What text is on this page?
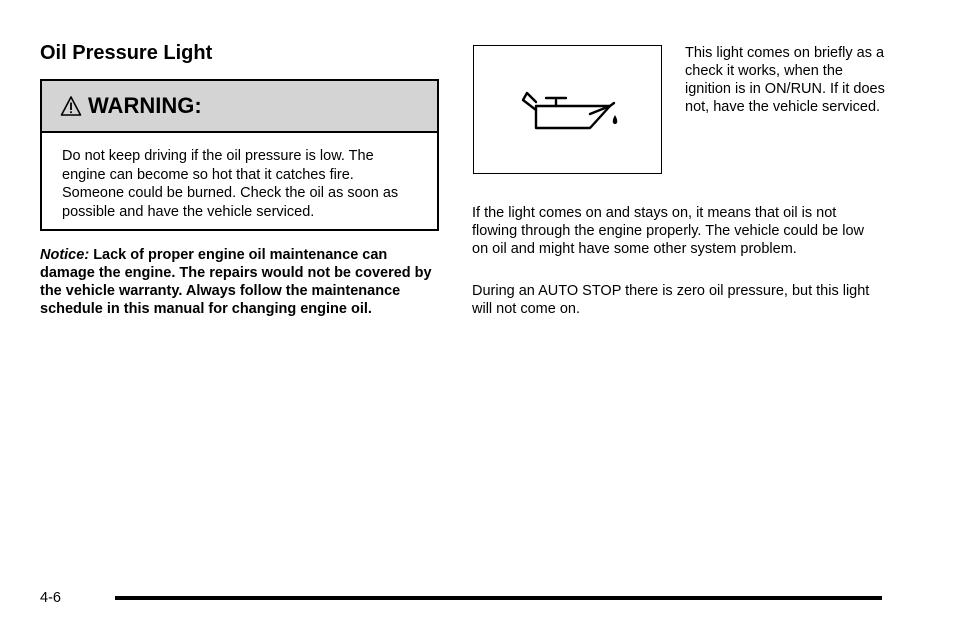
Oil Pressure Light
WARNING:
Do not keep driving if the oil pressure is low. The engine can become so hot that it catches fire. Someone could be burned. Check the oil as soon as possible and have the vehicle serviced.
Notice: Lack of proper engine oil maintenance can damage the engine. The repairs would not be covered by the vehicle warranty. Always follow the maintenance schedule in this manual for changing engine oil.
This light comes on briefly as a check it works, when the ignition is in ON/RUN. If it does not, have the vehicle serviced.

If the light comes on and stays on, it means that oil is not flowing through the engine properly. The vehicle could be low on oil and might have some other system problem.

During an AUTO STOP there is zero oil pressure, but this light will not come on.

4-6
